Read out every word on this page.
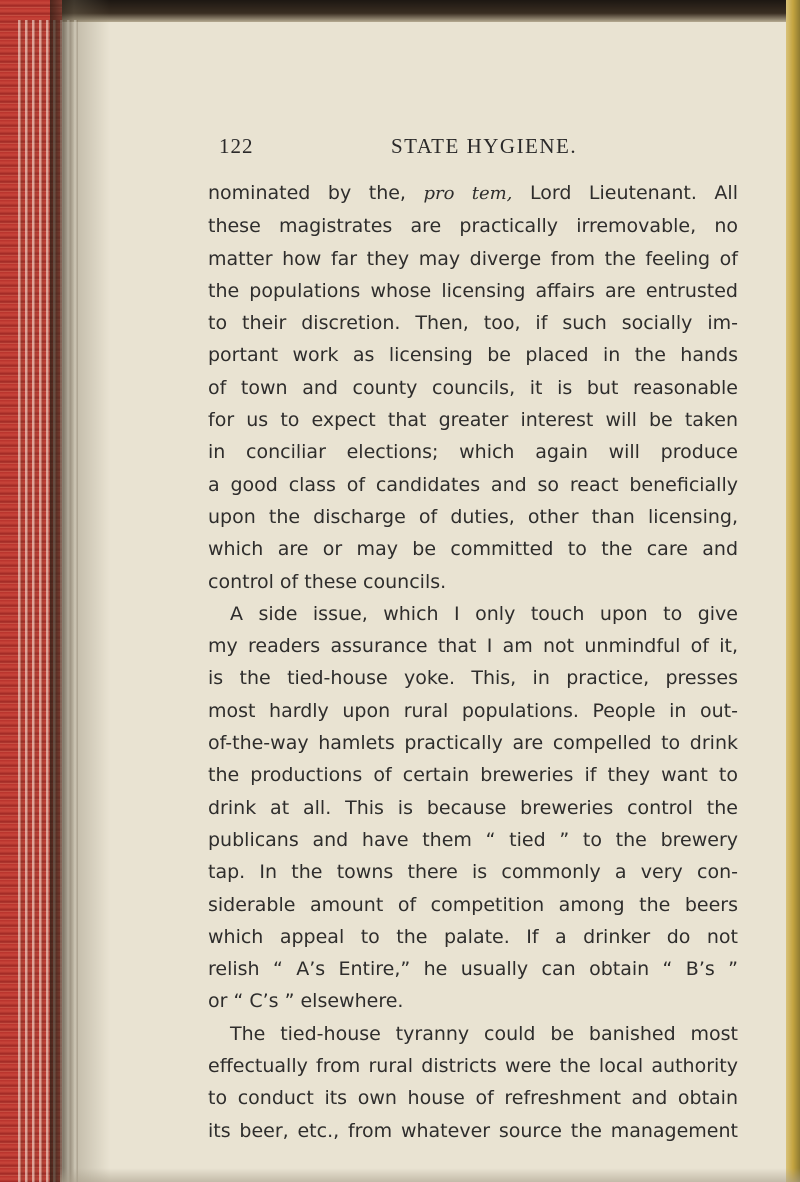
122	STATE HYGIENE.

nominated by the, pro tem, Lord Lieutenant. All
these magistrates are practically irremovable, no
matter how far they may diverge from the feeling of
the populations whose licensing affairs are entrusted
to their discretion. Then, too, if such socially im-
portant work as licensing be placed in the hands
of town and county councils, it is but reasonable
for us to expect that greater interest will be taken
in conciliar elections; which again will produce
a good class of candidates and so react beneficially
upon the discharge of duties, other than licensing,
which are or may be committed to the care and
control of these councils.

A side issue, which I only touch upon to give
my readers assurance that I am not unmindful of it,
is the tied-house yoke. This, in practice, presses
most hardly upon rural populations. People in out-
of-the-way hamlets practically are compelled to drink
the productions of certain breweries if they want to
drink at all. This is because breweries control the
publicans and have them “ tied ” to the brewery
tap. In the towns there is commonly a very con-
siderable amount of competition among the beers
which appeal to the palate. If a drinker do not
relish “ A’s Entire,” he usually can obtain “ B’s ”
or “ C’s ” elsewhere.

The tied-house tyranny could be banished most
effectually from rural districts were the local authority
to conduct its own house of refreshment and obtain
its beer, etc., from whatever source the management
